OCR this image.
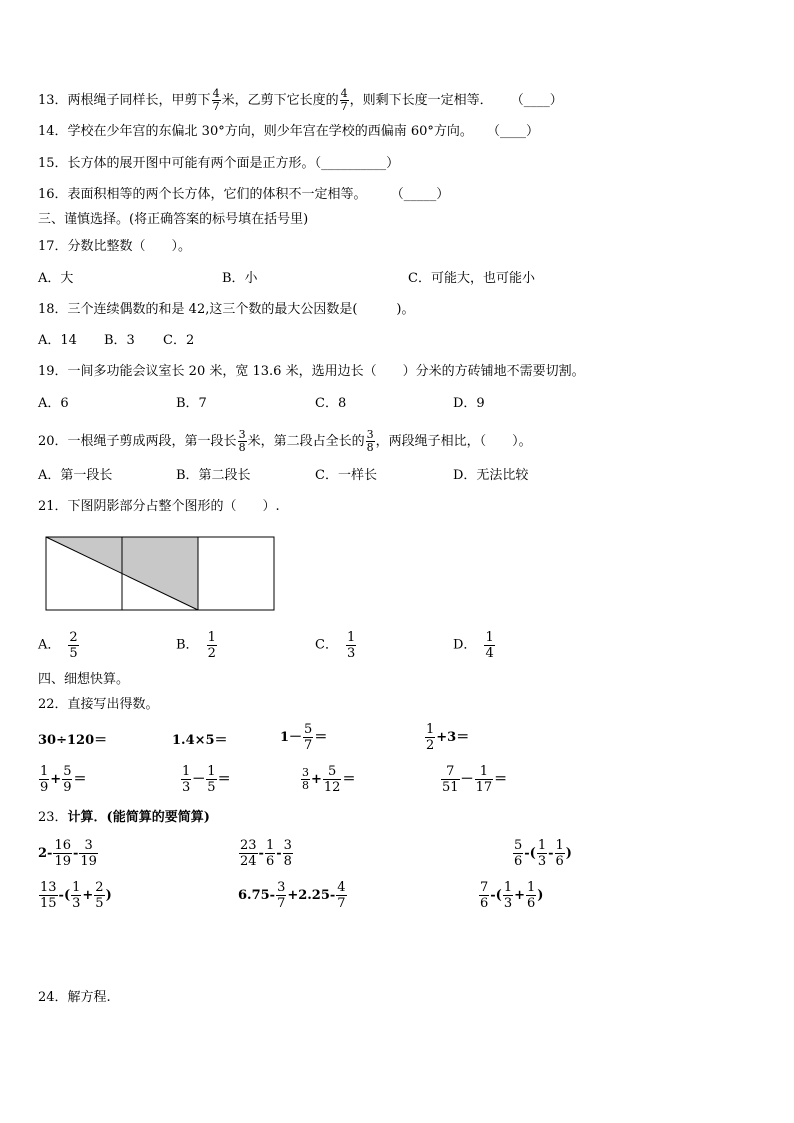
13．两根绳子同样长，甲剪下 $\frac{4}{7}$ 米，乙剪下它长度的 $\frac{4}{7}$ ，则剩下长度一定相等． （____）
14．学校在少年宫的东偏北 30°方向，则少年宫在学校的西偏南 60°方向。 （____）
15．长方体的展开图中可能有两个面是正方形。（__________）
16．表面积相等的两个长方体，它们的体积不一定相等。 （_____）
三、谨慎选择。(将正确答案的标号填在括号里)
17．分数比整数（　　）。
A．大	B．小	C．可能大，也可能小
18．三个连续偶数的和是 42,这三个数的最大公因数是(　　　)。
A．14 B．3 C．2
19．一间多功能会议室长 20 米，宽 13.6 米，选用边长（　　）分米的方砖铺地不需要切割。
A．6	B．7	C．8	D．9
20．一根绳子剪成两段，第一段长 $\frac{3}{8}$ 米，第二段占全长的 $\frac{3}{8}$ ，两段绳子相比，（　　）。
A．第一段长	B．第二段长	C．一样长	D．无法比较
21．下图阴影部分占整个图形的（　　）.
A． $\frac{2}{5}$	B． $\frac{1}{2}$	C． $\frac{1}{3}$	D． $\frac{1}{4}$
四、细想快算。
22．直接写出得数。
30÷120＝	1.4×5＝	$1- \frac{5}{7}$ ＝	$\frac{1}{2} +3=$
$\frac{1}{9} + \frac{5}{9}$ ＝	$\frac{1}{3} - \frac{1}{5}$ ＝	$\frac{3}{8} + \frac{5}{12}$ ＝	$\frac{7}{51} - \frac{1}{17}$ ＝
23．计算．(能简算的要简算)
$2- \frac{16}{19} - \frac{3}{19}$	$\frac{23}{24} - \frac{1}{6} - \frac{3}{8}$	$\frac{5}{6}$ -( $\frac{1}{3} - \frac{1}{6}$ )
$\frac{13}{15}$ -( $\frac{1}{3} + \frac{2}{5}$ )	$6.75- \frac{3}{7} +2.25- \frac{4}{7}$	$\frac{7}{6}$ -( $\frac{1}{3} + \frac{1}{6}$ )
24．解方程.
